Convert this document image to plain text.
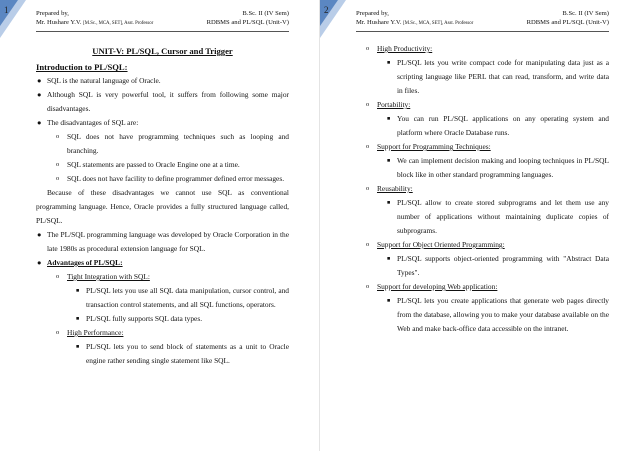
1	Prepared by,
Mr. Hushare Y.V. [M.Sc., MCA, SET], Asst. Professor
B.Sc. II (IV Sem)
RDBMS and PL/SQL (Unit-V)
UNIT-V: PL/SQL, Cursor and Trigger
Introduction to PL/SQL:
● SQL is the natural language of Oracle.
● Although SQL is very powerful tool, it suffers from following some major disadvantages.
● The disadvantages of SQL are:
o SQL does not have programming techniques such as looping and branching.
o SQL statements are passed to Oracle Engine one at a time.
o SQL does not have facility to define programmer defined error messages.
Because of these disadvantages we cannot use SQL as conventional programming language. Hence, Oracle provides a fully structured language called, PL/SQL.
● The PL/SQL programming language was developed by Oracle Corporation in the late 1980s as procedural extension language for SQL.
● Advantages of PL/SQL:
o Tight Integration with SQL:
■ PL/SQL lets you use all SQL data manipulation, cursor control, and transaction control statements, and all SQL functions, operators.
■ PL/SQL fully supports SQL data types.
o High Performance:
■ PL/SQL lets you to send block of statements as a unit to Oracle engine rather sending single statement like SQL.
2	Prepared by,
Mr. Hushare Y.V. [M.Sc., MCA, SET], Asst. Professor
B.Sc. II (IV Sem)
RDBMS and PL/SQL (Unit-V)
o High Productivity:
■ PL/SQL lets you write compact code for manipulating data just as a scripting language like PERL that can read, transform, and write data in files.
o Portability:
■ You can run PL/SQL applications on any operating system and platform where Oracle Database runs.
o Support for Programming Techniques:
■ We can implement decision making and looping techniques in PL/SQL block like in other standard programming languages.
o Reusability:
■ PL/SQL allow to create stored subprograms and let them use any number of applications without maintaining duplicate copies of subprograms.
o Support for Object Oriented Programming:
■ PL/SQL supports object-oriented programming with "Abstract Data Types".
o Support for developing Web application:
■ PL/SQL lets you create applications that generate web pages directly from the database, allowing you to make your database available on the Web and make back-office data accessible on the intranet.
